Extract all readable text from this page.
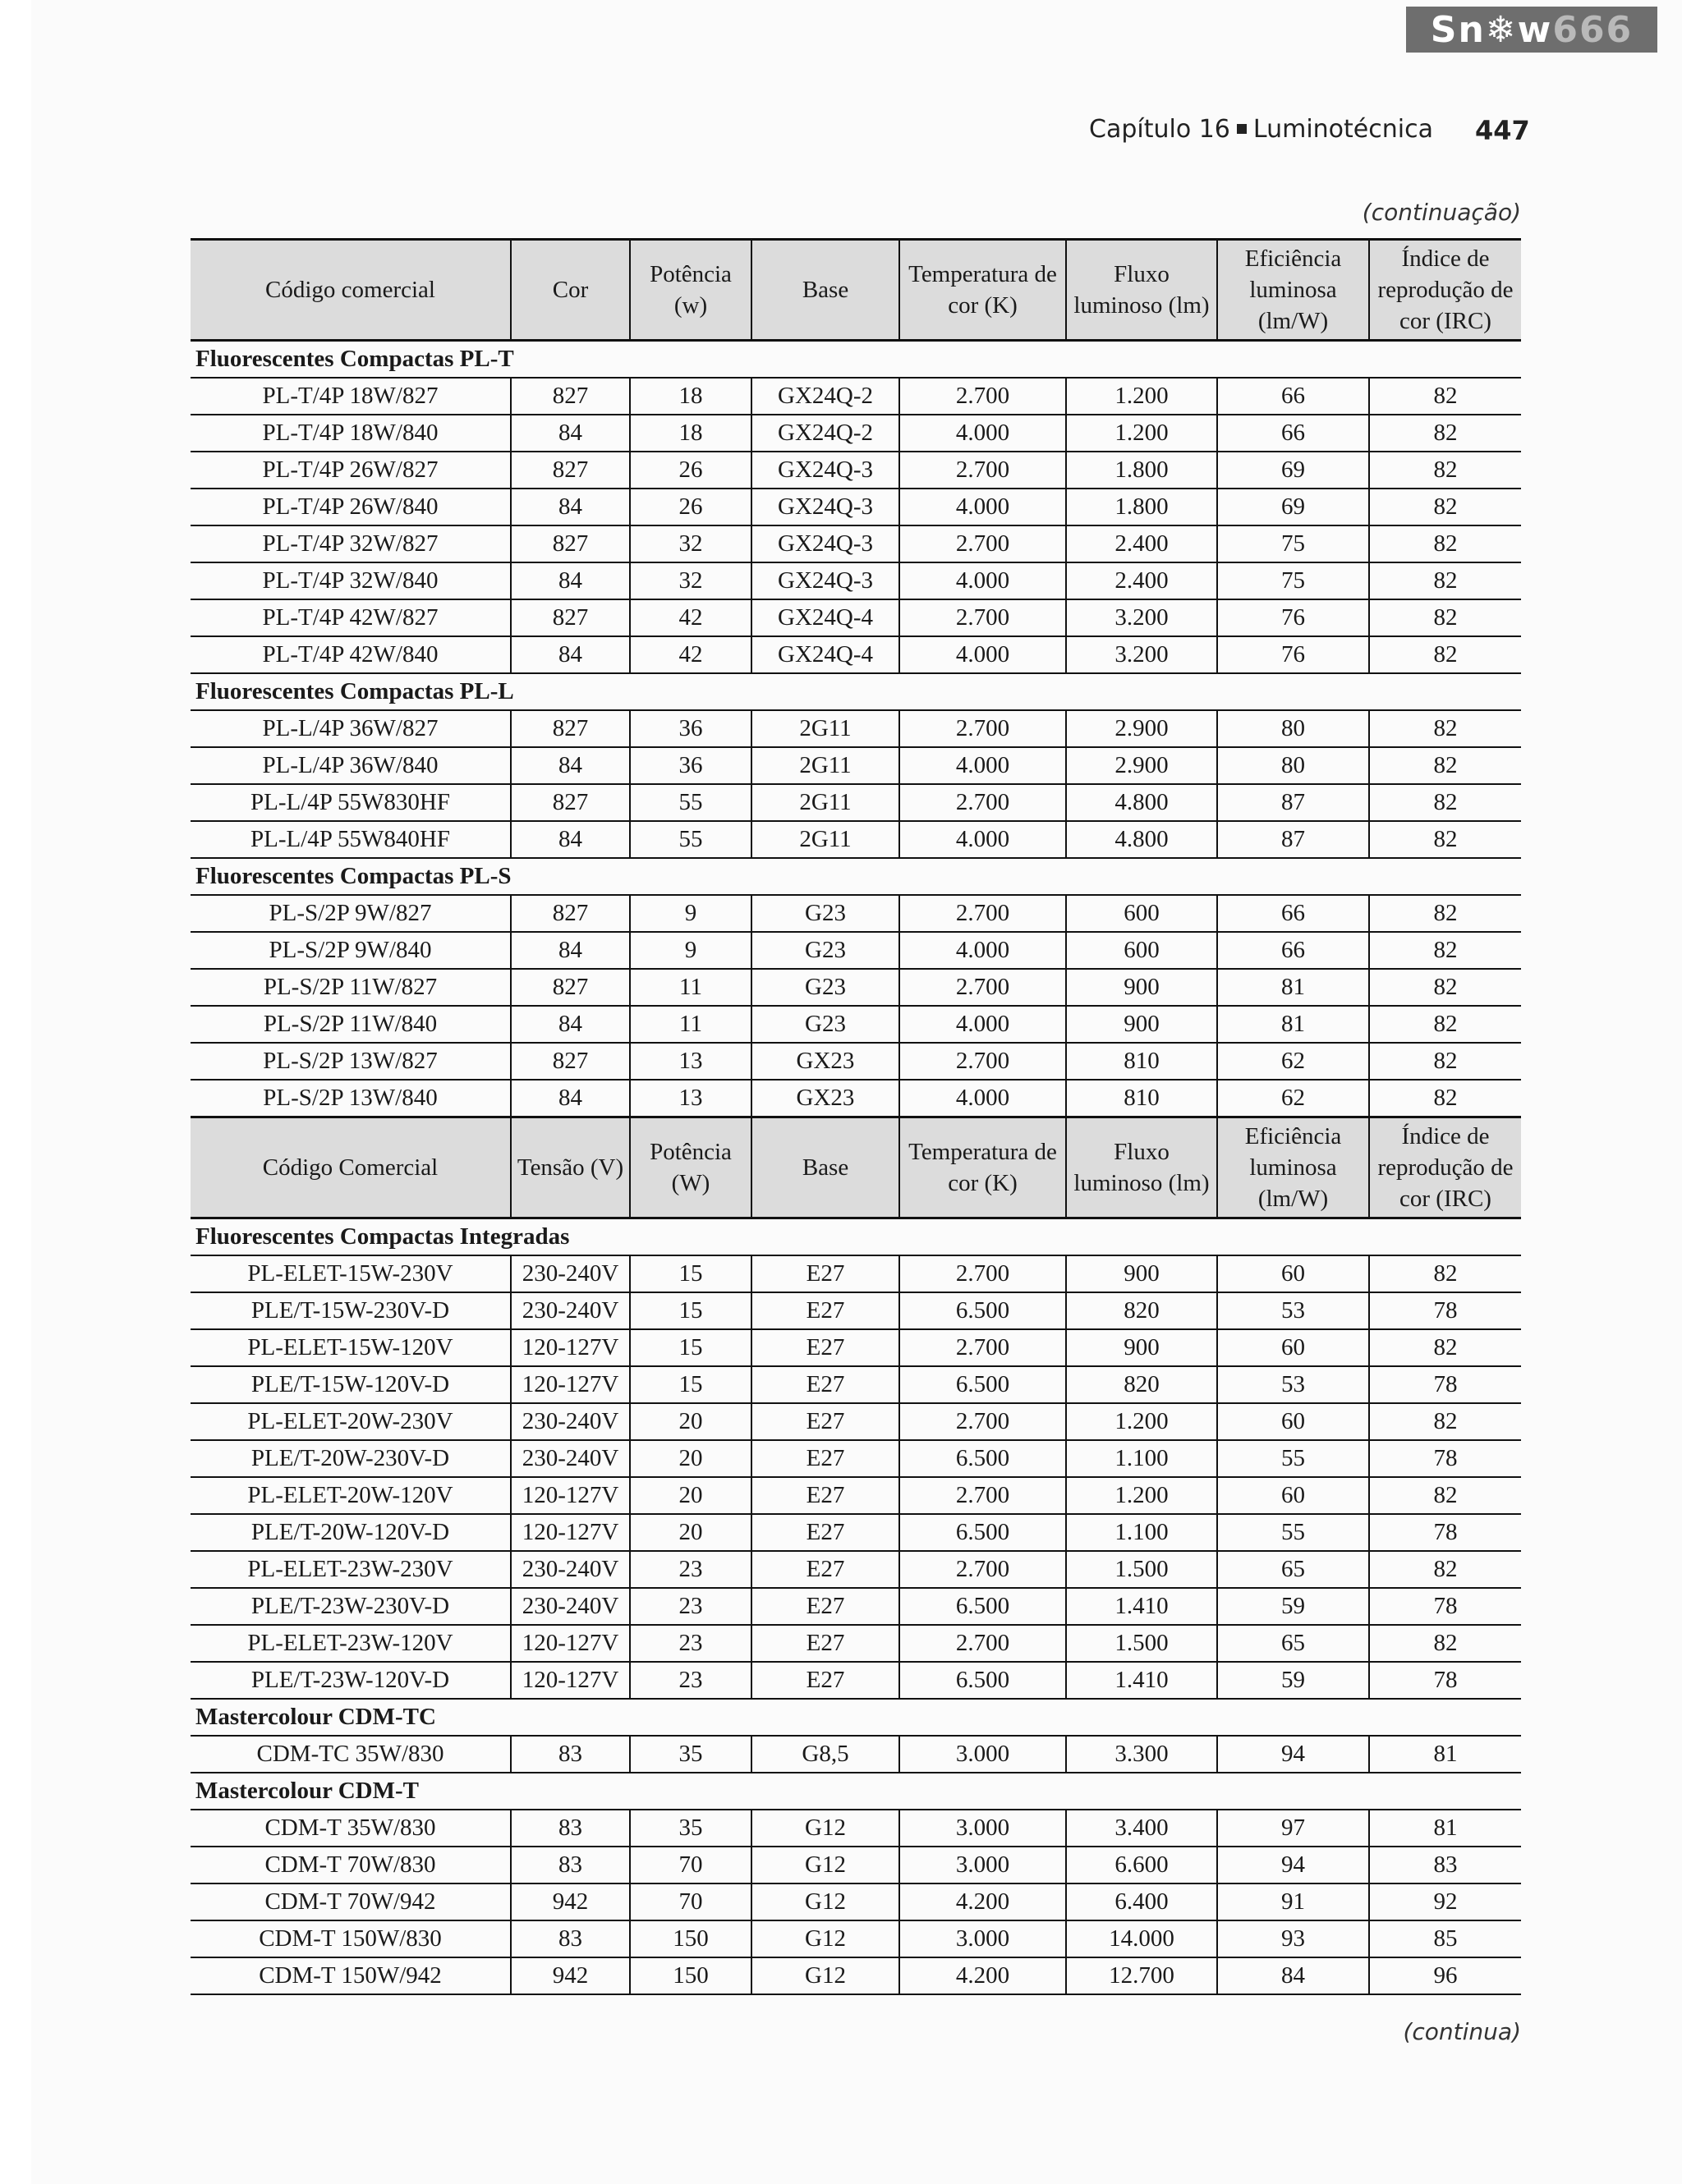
Sn❄w 666
Capítulo 16 Luminotécnica 447
(continuação)
Código comercial	Cor	Potência (w)	Base	Temperatura de cor (K)	Fluxo luminoso (lm)	Eficiência luminosa (lm/W)	Índice de reprodução de cor (IRC)
Fluorescentes Compactas PL-T							
PL-T/4P 18W/827	827	18	GX24Q-2	2.700	1.200	66	82
PL-T/4P 18W/840	84	18	GX24Q-2	4.000	1.200	66	82
PL-T/4P 26W/827	827	26	GX24Q-3	2.700	1.800	69	82
PL-T/4P 26W/840	84	26	GX24Q-3	4.000	1.800	69	82
PL-T/4P 32W/827	827	32	GX24Q-3	2.700	2.400	75	82
PL-T/4P 32W/840	84	32	GX24Q-3	4.000	2.400	75	82
PL-T/4P 42W/827	827	42	GX24Q-4	2.700	3.200	76	82
PL-T/4P 42W/840	84	42	GX24Q-4	4.000	3.200	76	82
Fluorescentes Compactas PL-L							
PL-L/4P 36W/827	827	36	2G11	2.700	2.900	80	82
PL-L/4P 36W/840	84	36	2G11	4.000	2.900	80	82
PL-L/4P 55W830HF	827	55	2G11	2.700	4.800	87	82
PL-L/4P 55W840HF	84	55	2G11	4.000	4.800	87	82
Fluorescentes Compactas PL-S							
PL-S/2P 9W/827	827	9	G23	2.700	600	66	82
PL-S/2P 9W/840	84	9	G23	4.000	600	66	82
PL-S/2P 11W/827	827	11	G23	2.700	900	81	82
PL-S/2P 11W/840	84	11	G23	4.000	900	81	82
PL-S/2P 13W/827	827	13	GX23	2.700	810	62	82
PL-S/2P 13W/840	84	13	GX23	4.000	810	62	82
Código Comercial	Tensão (V)	Potência (W)	Base	Temperatura de cor (K)	Fluxo luminoso (lm)	Eficiência luminosa (lm/W)	Índice de reprodução de cor (IRC)
Fluorescentes Compactas Integradas							
PL-ELET-15W-230V	230-240V	15	E27	2.700	900	60	82
PLE/T-15W-230V-D	230-240V	15	E27	6.500	820	53	78
PL-ELET-15W-120V	120-127V	15	E27	2.700	900	60	82
PLE/T-15W-120V-D	120-127V	15	E27	6.500	820	53	78
PL-ELET-20W-230V	230-240V	20	E27	2.700	1.200	60	82
PLE/T-20W-230V-D	230-240V	20	E27	6.500	1.100	55	78
PL-ELET-20W-120V	120-127V	20	E27	2.700	1.200	60	82
PLE/T-20W-120V-D	120-127V	20	E27	6.500	1.100	55	78
PL-ELET-23W-230V	230-240V	23	E27	2.700	1.500	65	82
PLE/T-23W-230V-D	230-240V	23	E27	6.500	1.410	59	78
PL-ELET-23W-120V	120-127V	23	E27	2.700	1.500	65	82
PLE/T-23W-120V-D	120-127V	23	E27	6.500	1.410	59	78
Mastercolour CDM-TC							
CDM-TC 35W/830	83	35	G8,5	3.000	3.300	94	81
Mastercolour CDM-T							
CDM-T 35W/830	83	35	G12	3.000	3.400	97	81
CDM-T 70W/830	83	70	G12	3.000	6.600	94	83
CDM-T 70W/942	942	70	G12	4.200	6.400	91	92
CDM-T 150W/830	83	150	G12	3.000	14.000	93	85
CDM-T 150W/942	942	150	G12	4.200	12.700	84	96
(continua)
